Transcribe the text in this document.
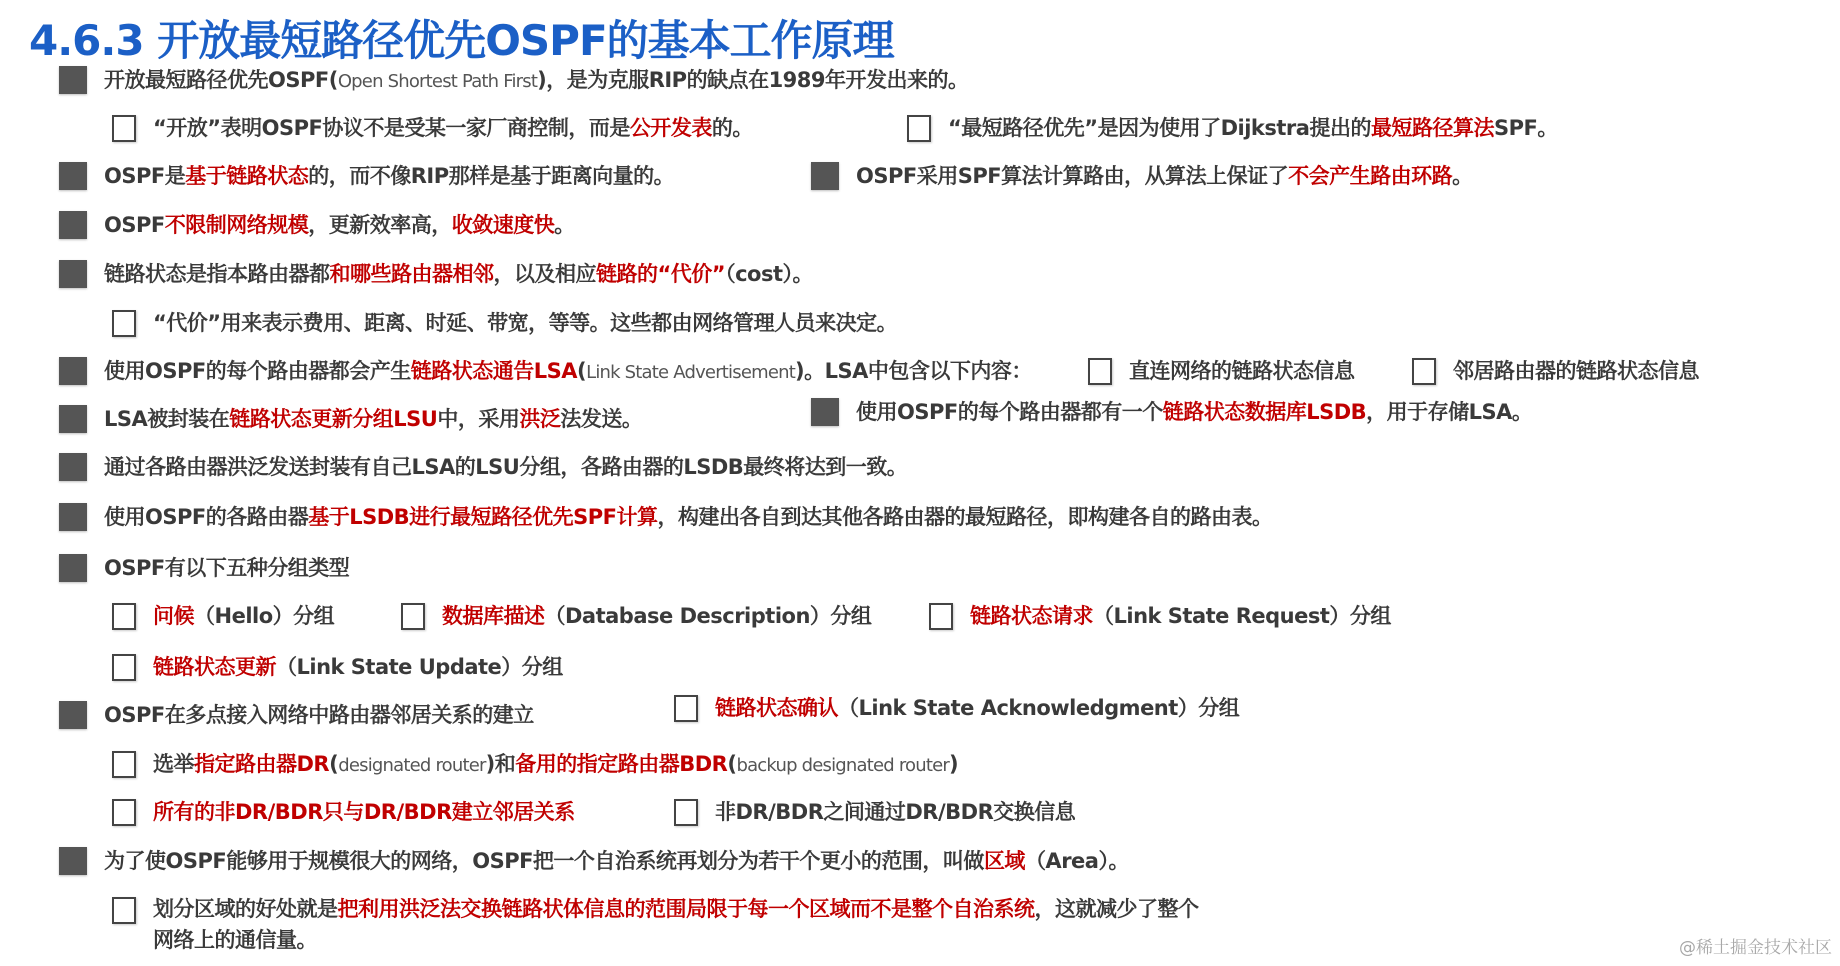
4.6.3 开放最短路径优先OSPF的基本工作原理
开放最短路径优先OSPF(Open Shortest Path First)，是为克服RIP的缺点在1989年开发出来的。
“开放”表明OSPF协议不是受某一家厂商控制，而是公开发表的。	“最短路径优先”是因为使用了Dijkstra提出的最短路径算法SPF。
OSPF是基于链路状态的，而不像RIP那样是基于距离向量的。	OSPF采用SPF算法计算路由，从算法上保证了不会产生路由环路。
OSPF不限制网络规模，更新效率高，收敛速度快。
链路状态是指本路由器都和哪些路由器相邻，以及相应链路的“代价”（cost）。
“代价”用来表示费用、距离、时延、带宽，等等。这些都由网络管理人员来决定。
使用OSPF的每个路由器都会产生链路状态通告LSA(Link State Advertisement)。LSA中包含以下内容：	直连网络的链路状态信息	邻居路由器的链路状态信息
LSA被封装在链路状态更新分组LSU中，采用洪泛法发送。	使用OSPF的每个路由器都有一个链路状态数据库LSDB，用于存储LSA。
通过各路由器洪泛发送封装有自己LSA的LSU分组，各路由器的LSDB最终将达到一致。
使用OSPF的各路由器基于LSDB进行最短路径优先SPF计算，构建出各自到达其他各路由器的最短路径，即构建各自的路由表。
OSPF有以下五种分组类型
问候（Hello）分组	数据库描述（Database Description）分组	链路状态请求（Link State Request）分组
链路状态更新（Link State Update）分组
OSPF在多点接入网络中路由器邻居关系的建立	链路状态确认（Link State Acknowledgment）分组
选举指定路由器DR(designated router)和备用的指定路由器BDR(backup designated router)
所有的非DR/BDR只与DR/BDR建立邻居关系	非DR/BDR之间通过DR/BDR交换信息
为了使OSPF能够用于规模很大的网络，OSPF把一个自治系统再划分为若干个更小的范围，叫做区域（Area）。
划分区域的好处就是把利用洪泛法交换链路状体信息的范围局限于每一个区域而不是整个自治系统，这就减少了整个网络上的通信量。	@稀土掘金技术社区
